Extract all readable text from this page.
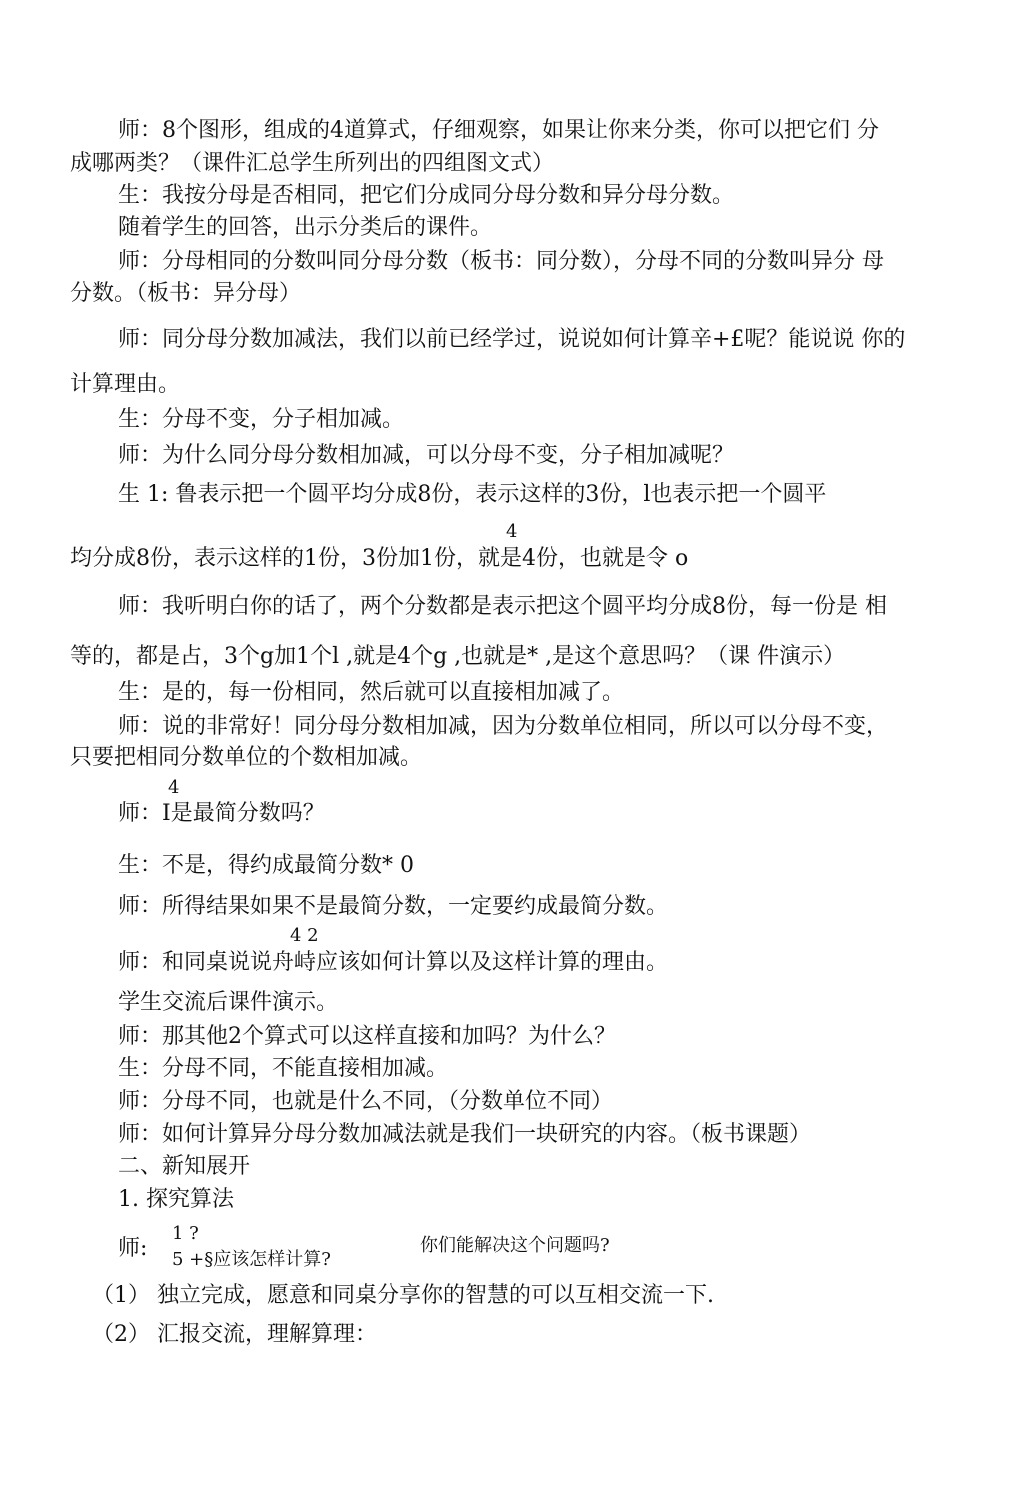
师：8个图形，组成的4道算式，仔细观察，如果让你来分类，你可以把它们 分
成哪两类？（课件汇总学生所列出的四组图文式）
生：我按分母是否相同，把它们分成同分母分数和异分母分数。
随着学生的回答，出示分类后的课件。
师：分母相同的分数叫同分母分数（板书：同分数），分母不同的分数叫异分 母
分数。（板书：异分母）
师：同分母分数加减法，我们以前已经学过，说说如何计算辛+£呢？能说说 你的
计算理由。
生：分母不变，分子相加减。
师：为什么同分母分数相加减，可以分母不变，分子相加减呢？
生 1: 鲁表示把一个圆平均分成8份，表示这样的3份，l也表示把一个圆平
4
均分成8份，表示这样的1份，3份加1份，就是4份，也就是令 o
师：我听明白你的话了，两个分数都是表示把这个圆平均分成8份，每一份是 相
等的，都是占，3个g加1个l ,就是4个g ,也就是* ,是这个意思吗？（课 件演示）
生：是的，每一份相同，然后就可以直接相加减了。
师：说的非常好！同分母分数相加减，因为分数单位相同，所以可以分母不变，
只要把相同分数单位的个数相加减。
4
师：I是最简分数吗？
生：不是，得约成最简分数* 0
师：所得结果如果不是最简分数，一定要约成最简分数。
4 2
师：和同桌说说舟峙应该如何计算以及这样计算的理由。
学生交流后课件演示。
师：那其他2个算式可以这样直接和加吗？为什么？
生：分母不同，不能直接相加减。
师：分母不同，也就是什么不同，（分数单位不同）
师：如何计算异分母分数加减法就是我们一块研究的内容。（板书课题）
二、新知展开
1. 探究算法
师:
1 ?
5 +§应该怎样计算?
你们能解决这个问题吗?
（1） 独立完成，愿意和同桌分享你的智慧的可以互相交流一下.
（2） 汇报交流，理解算理：
